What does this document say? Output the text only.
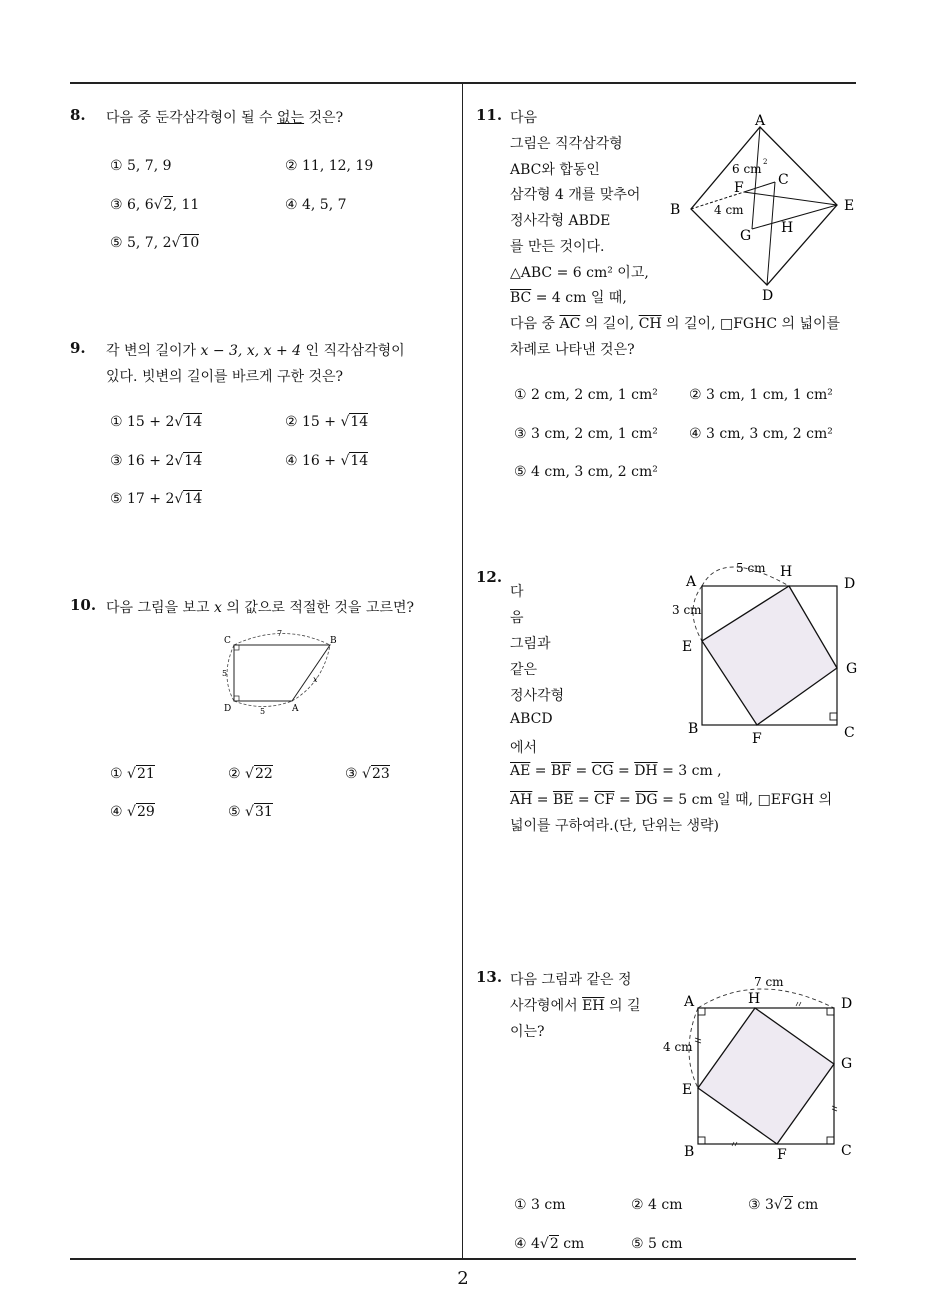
2
8. 다음 중 둔각삼각형이 될 수 없는 것은?
① 5, 7, 9	② 11, 12, 19
③ 6, 6√2, 11	④ 4, 5, 7
⑤ 5, 7, 2√10
9. 각 변의 길이가 x − 3, x, x + 4 인 직각삼각형이
있다. 빗변의 길이를 바르게 구한 것은?
① 15 + 2√14	② 15 + √14
③ 16 + 2√14	④ 16 + √14
⑤ 17 + 2√14
10. 다음 그림을 보고 x 의 값으로 적절한 것을 고르면?
C	B
D	A
7
5
5
x
① √21	② √22	③ √23
④ √29	⑤ √31
11. 다음
그림은 직각삼각형
ABC와 합동인
삼각형 4 개를 맞추어
정사각형 ABDE
를 만든 것이다.
△ABC = 6 cm² 이고,
$\overline{BC} = 4$ cm 일 때,
다음 중 $\overline{AC}$ 의 길이, $\overline{CH}$ 의 길이, □FGHC 의 넓이를
차례로 나타낸 것은?
A
B
C
D
E
F
G H
6 cm 2
4 cm
① 2 cm, 2 cm, 1 cm² ② 3 cm, 1 cm, 1 cm²
③ 3 cm, 2 cm, 1 cm² ④ 3 cm, 3 cm, 2 cm²
⑤ 4 cm, 3 cm, 2 cm²
12.
다
음
그림과
같은
정사각형
ABCD
에서
$\overline{AE} = \overline{BF} = \overline{CG} = \overline{DH} = 3$ cm ,
$\overline{AH} = \overline{BE} = \overline{CF} = \overline{DG} = 5$ cm 일 때, □EFGH 의
넓이를 구하여라.(단, 단위는 생략)
A	D
B	C
E
F
G
H
5 cm
3 cm
13. 다음 그림과 같은 정
사각형에서 $\overline{EH}$ 의 길
이는?
A	D
B	C
E
F
G
H
7 cm
4 cm
① 3 cm	② 4 cm	③ 3√2 cm
④ 4√2 cm	⑤ 5 cm
